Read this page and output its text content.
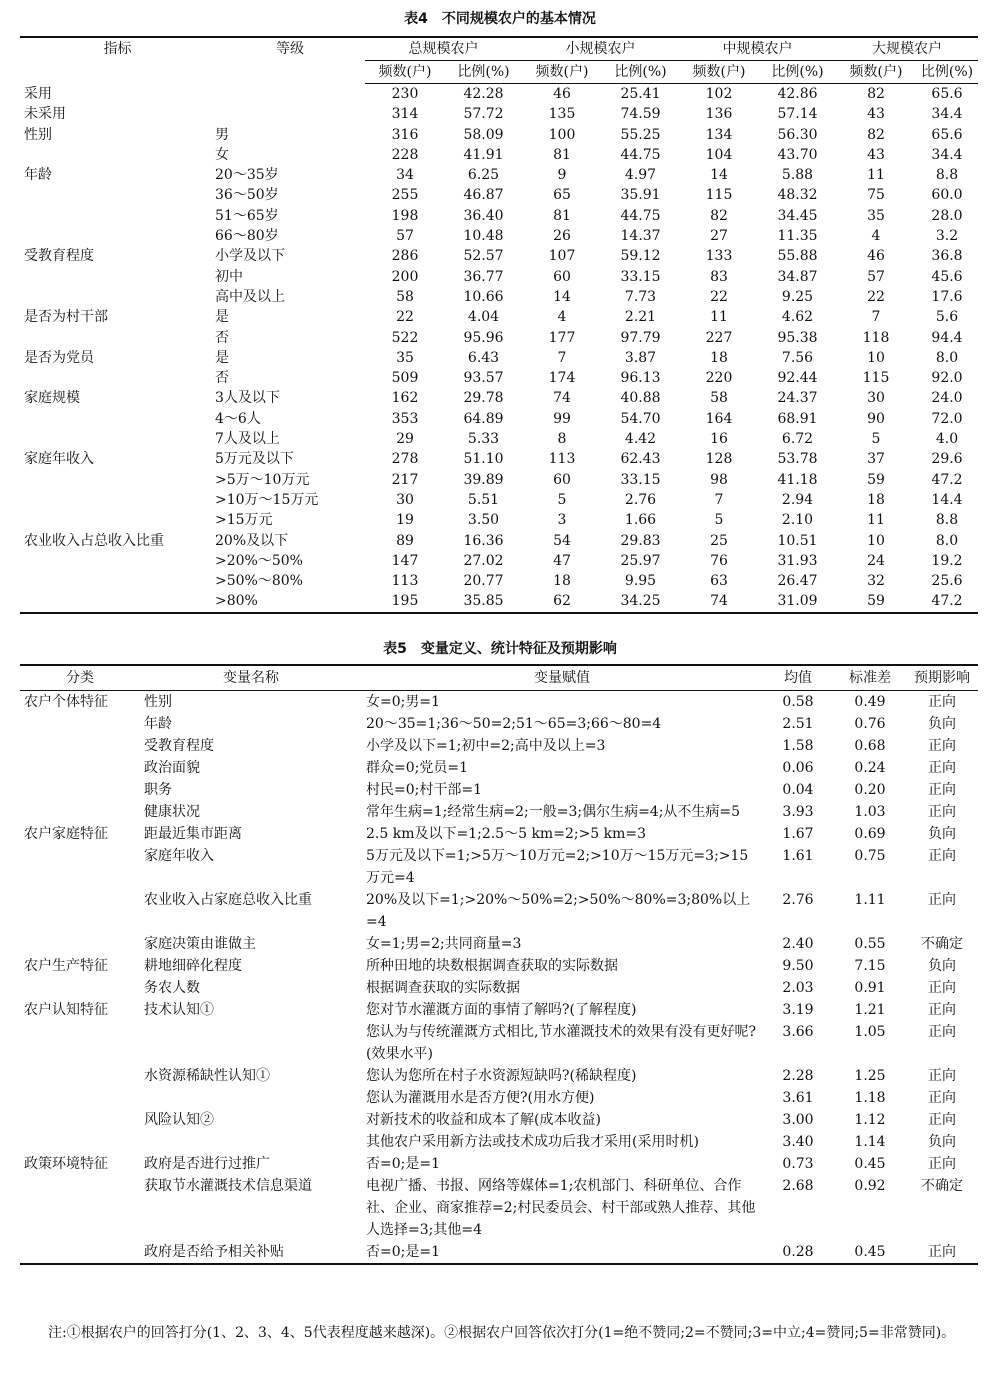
表4　不同规模农户的基本情况
指标	等级	总规模农户		小规模农户		中规模农户		大规模农户	
		频数(户)	比例(%)	频数(户)	比例(%)	频数(户)	比例(%)	频数(户)	比例(%)
采用		230	42.28	46	25.41	102	42.86	82	65.6
未采用		314	57.72	135	74.59	136	57.14	43	34.4
性别	男	316	58.09	100	55.25	134	56.30	82	65.6
	女	228	41.91	81	44.75	104	43.70	43	34.4
年龄	20～35岁	34	6.25	9	4.97	14	5.88	11	8.8
	36～50岁	255	46.87	65	35.91	115	48.32	75	60.0
	51～65岁	198	36.40	81	44.75	82	34.45	35	28.0
	66～80岁	57	10.48	26	14.37	27	11.35	4	3.2
受教育程度	小学及以下	286	52.57	107	59.12	133	55.88	46	36.8
	初中	200	36.77	60	33.15	83	34.87	57	45.6
	高中及以上	58	10.66	14	7.73	22	9.25	22	17.6
是否为村干部	是	22	4.04	4	2.21	11	4.62	7	5.6
	否	522	95.96	177	97.79	227	95.38	118	94.4
是否为党员	是	35	6.43	7	3.87	18	7.56	10	8.0
	否	509	93.57	174	96.13	220	92.44	115	92.0
家庭规模	3人及以下	162	29.78	74	40.88	58	24.37	30	24.0
	4～6人	353	64.89	99	54.70	164	68.91	90	72.0
	7人及以上	29	5.33	8	4.42	16	6.72	5	4.0
家庭年收入	5万元及以下	278	51.10	113	62.43	128	53.78	37	29.6
	>5万～10万元	217	39.89	60	33.15	98	41.18	59	47.2
	>10万～15万元	30	5.51	5	2.76	7	2.94	18	14.4
	>15万元	19	3.50	3	1.66	5	2.10	11	8.8
农业收入占总收入比重	20%及以下	89	16.36	54	29.83	25	10.51	10	8.0
	>20%～50%	147	27.02	47	25.97	76	31.93	24	19.2
	>50%～80%	113	20.77	18	9.95	63	26.47	32	25.6
	>80%	195	35.85	62	34.25	74	31.09	59	47.2
表5　变量定义、统计特征及预期影响
分类	变量名称	变量赋值	均值	标准差	预期影响
农户个体特征	性别	女=0;男=1	0.58	0.49	正向
	年龄	20～35=1;36～50=2;51～65=3;66～80=4	2.51	0.76	负向
	受教育程度	小学及以下=1;初中=2;高中及以上=3	1.58	0.68	正向
	政治面貌	群众=0;党员=1	0.06	0.24	正向
	职务	村民=0;村干部=1	0.04	0.20	正向
	健康状况	常年生病=1;经常生病=2;一般=3;偶尔生病=4;从不生病=5	3.93	1.03	正向
农户家庭特征	距最近集市距离	2.5 km及以下=1;2.5～5 km=2;>5 km=3	1.67	0.69	负向
	家庭年收入	5万元及以下=1;>5万～10万元=2;>10万～15万元=3;>15万元=4	1.61	0.75	正向
	农业收入占家庭总收入比重	20%及以下=1;>20%～50%=2;>50%～80%=3;80%以上=4	2.76	1.11	正向
	家庭决策由谁做主	女=1;男=2;共同商量=3	2.40	0.55	不确定
农户生产特征	耕地细碎化程度	所种田地的块数根据调查获取的实际数据	9.50	7.15	负向
	务农人数	根据调查获取的实际数据	2.03	0.91	正向
农户认知特征	技术认知①	您对节水灌溉方面的事情了解吗?(了解程度)	3.19	1.21	正向
		您认为与传统灌溉方式相比,节水灌溉技术的效果有没有更好呢?(效果水平)	3.66	1.05	正向
	水资源稀缺性认知①	您认为您所在村子水资源短缺吗?(稀缺程度)	2.28	1.25	正向
		您认为灌溉用水是否方便?(用水方便)	3.61	1.18	正向
	风险认知②	对新技术的收益和成本了解(成本收益)	3.00	1.12	正向
		其他农户采用新方法或技术成功后我才采用(采用时机)	3.40	1.14	负向
政策环境特征	政府是否进行过推广	否=0;是=1	0.73	0.45	正向
	获取节水灌溉技术信息渠道	电视广播、书报、网络等媒体=1;农机部门、科研单位、合作社、企业、商家推荐=2;村民委员会、村干部或熟人推荐、其他人选择=3;其他=4	2.68	0.92	不确定
	政府是否给予相关补贴	否=0;是=1	0.28	0.45	正向
注:①根据农户的回答打分(1、2、3、4、5代表程度越来越深)。②根据农户回答依次打分(1=绝不赞同;2=不赞同;3=中立;4=赞同;5=非常赞同)。
